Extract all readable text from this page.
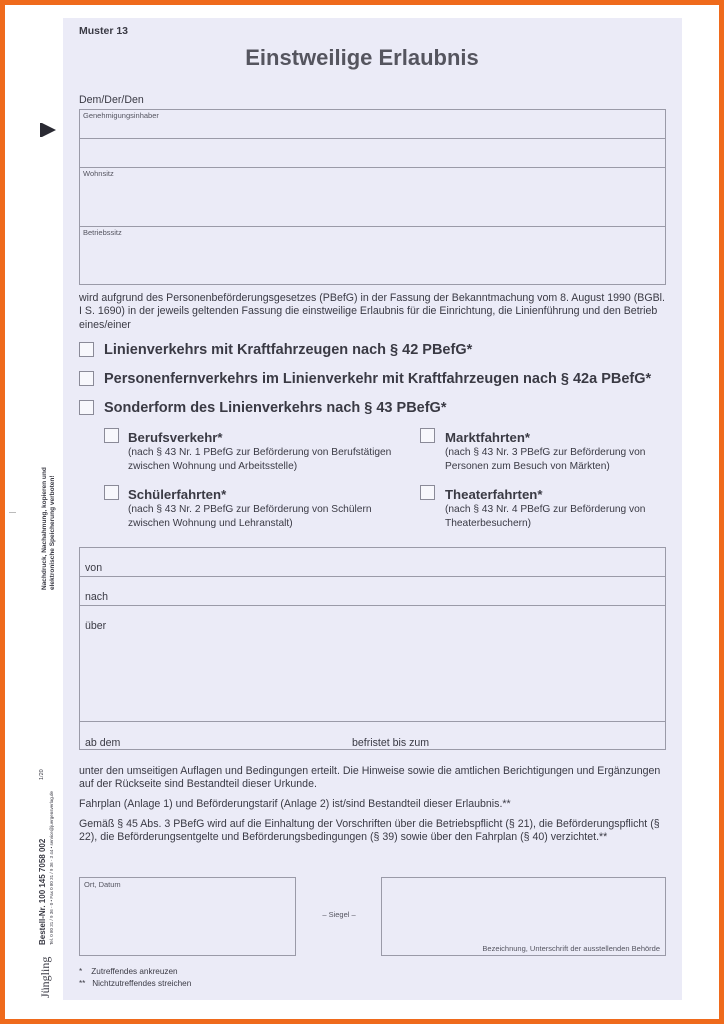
Nachdruck, Nachahmung, kopieren und elektronische Speicherung verboten!
Bestell-Nr. 100 145 7058 002 Tel. 0 80 31 / 9 36 - 0 • Fax 0 80 31 / 9 36 - 3 44 • service@juergensverlag.de
1/20
Jüngling
Muster 13
Einstweilige Erlaubnis
Dem/Der/Den
Genehmigungsinhaber
Wohnsitz
Betriebssitz
wird aufgrund des Personenbeförderungsgesetzes (PBefG) in der Fassung der Bekanntmachung vom 8. August 1990 (BGBl. I S. 1690) in der jeweils geltenden Fassung die einstweilige Erlaubnis für die Einrichtung, die Linienführung und den Betrieb eines/einer
Linienverkehrs mit Kraftfahrzeugen nach § 42 PBefG*
Personenfernverkehrs im Linienverkehr mit Kraftfahrzeugen nach § 42a PBefG*
Sonderform des Linienverkehrs nach § 43 PBefG*
Berufsverkehr*
(nach § 43 Nr. 1 PBefG zur Beförderung von Berufstätigen zwischen Wohnung und Arbeitsstelle)
Marktfahrten*
(nach § 43 Nr. 3 PBefG zur Beförderung von Personen zum Besuch von Märkten)
Schülerfahrten*
(nach § 43 Nr. 2 PBefG zur Beförderung von Schülern zwischen Wohnung und Lehranstalt)
Theaterfahrten*
(nach § 43 Nr. 4 PBefG zur Beförderung von Theaterbesuchern)
von
nach
über
ab dem	befristet bis zum
unter den umseitigen Auflagen und Bedingungen erteilt. Die Hinweise sowie die amtlichen Berichtigungen und Ergänzungen auf der Rückseite sind Bestandteil dieser Urkunde.
Fahrplan (Anlage 1) und Beförderungstarif (Anlage 2) ist/sind Bestandteil dieser Erlaubnis.**
Gemäß § 45 Abs. 3 PBefG wird auf die Einhaltung der Vorschriften über die Betriebspflicht (§ 21), die Beförderungspflicht (§ 22), die Beförderungsentgelte und Beförderungsbedingungen (§ 39) sowie über den Fahrplan (§ 40) verzichtet.**
Ort, Datum
– Siegel –
Bezeichnung, Unterschrift der ausstellenden Behörde
*    Zutreffendes ankreuzen
**   Nichtzutreffendes streichen
